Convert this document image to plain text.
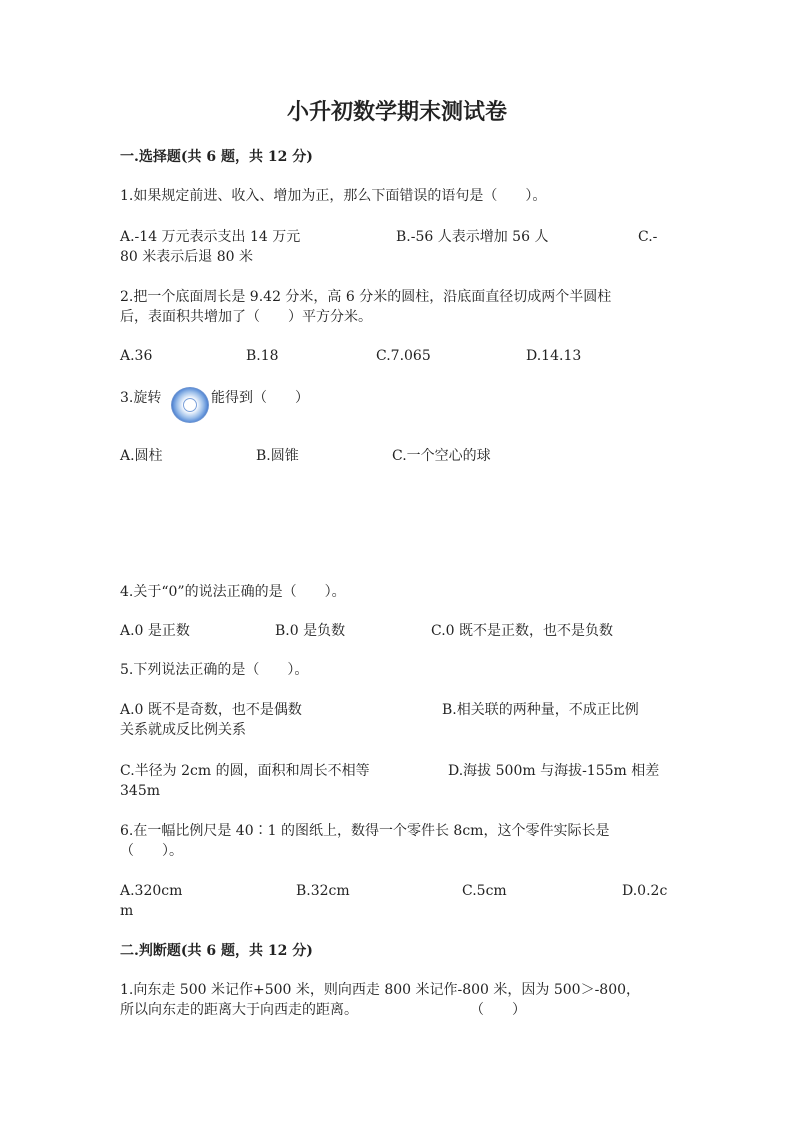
小升初数学期末测试卷
一.选择题(共 6 题，共 12 分)
1.如果规定前进、收入、增加为正，那么下面错误的语句是（　　）。
A.-14 万元表示支出 14 万元	B.-56 人表示增加 56 人	C.-
80 米表示后退 80 米
2.把一个底面周长是 9.42 分米，高 6 分米的圆柱，沿底面直径切成两个半圆柱
后，表面积共增加了（　　）平方分米。
A.36	B.18	C.7.065	D.14.13
3.旋转	能得到（　　）
A.圆柱	B.圆锥	C.一个空心的球
4.关于“0”的说法正确的是（　　）。
A.0 是正数	B.0 是负数	C.0 既不是正数，也不是负数
5.下列说法正确的是（　　）。
A.0 既不是奇数，也不是偶数	B.相关联的两种量，不成正比例
关系就成反比例关系
C.半径为 2cm 的圆，面积和周长不相等	D.海拔 500m 与海拔-155m 相差
345m
6.在一幅比例尺是 40∶1 的图纸上，数得一个零件长 8cm，这个零件实际长是
（　　）。
A.320cm	B.32cm	C.5cm	D.0.2c
m
二.判断题(共 6 题，共 12 分)
1.向东走 500 米记作+500 米，则向西走 800 米记作-800 米，因为 500＞-800，
所以向东走的距离大于向西走的距离。	（　　）
